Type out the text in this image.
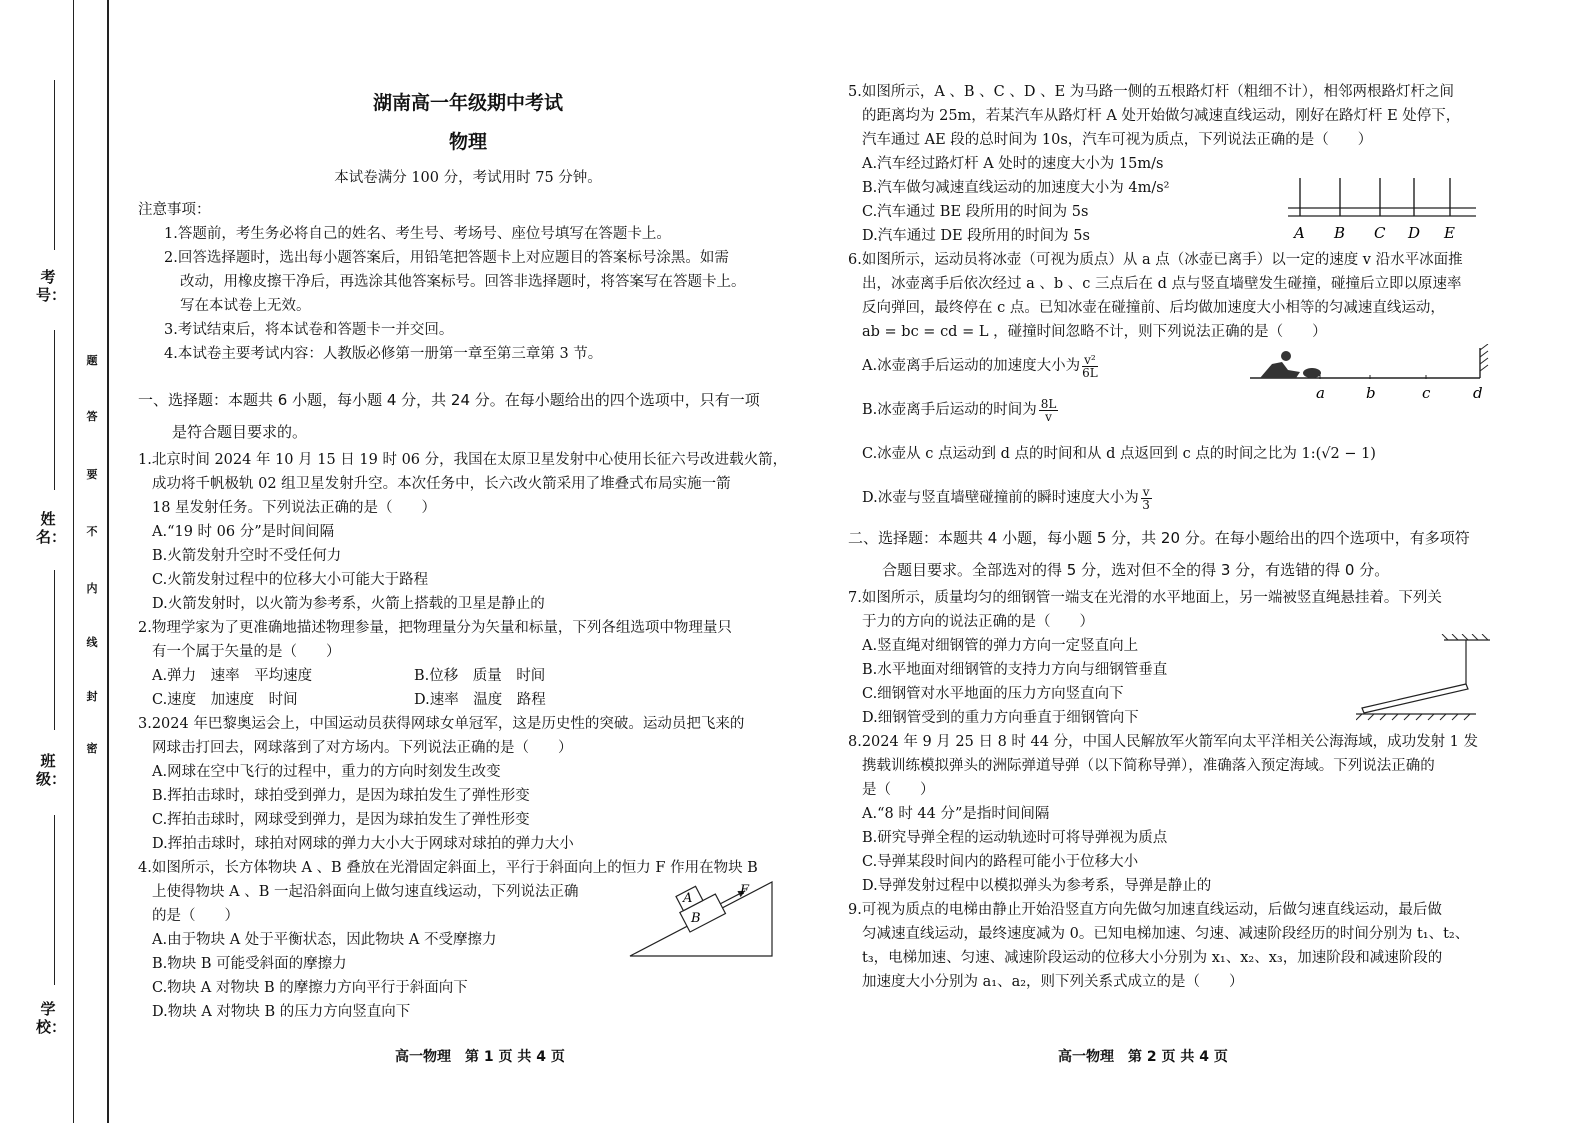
考号：
姓名：
班级：
学校：
密
封
线
内
不
要
答
题
湖南高一年级期中考试
物理
本试卷满分 100 分，考试用时 75 分钟。
注意事项：
1.答题前，考生务必将自己的姓名、考生号、考场号、座位号填写在答题卡上。
2.回答选择题时，选出每小题答案后，用铅笔把答题卡上对应题目的答案标号涂黑。如需
改动，用橡皮擦干净后，再选涂其他答案标号。回答非选择题时，将答案写在答题卡上。
写在本试卷上无效。
3.考试结束后，将本试卷和答题卡一并交回。
4.本试卷主要考试内容：人教版必修第一册第一章至第三章第 3 节。
一、选择题：本题共 6 小题，每小题 4 分，共 24 分。在每小题给出的四个选项中，只有一项
是符合题目要求的。
1.北京时间 2024 年 10 月 15 日 19 时 06 分，我国在太原卫星发射中心使用长征六号改进载火箭，
成功将千帆极轨 02 组卫星发射升空。本次任务中，长六改火箭采用了堆叠式布局实施一箭
18 星发射任务。下列说法正确的是（　　）
A.“19 时 06 分”是时间间隔
B.火箭发射升空时不受任何力
C.火箭发射过程中的位移大小可能大于路程
D.火箭发射时，以火箭为参考系，火箭上搭载的卫星是静止的
2.物理学家为了更准确地描述物理参量，把物理量分为矢量和标量，下列各组选项中物理量只
有一个属于矢量的是（　　）
A.弹力　速率　平均速度	B.位移　质量　时间
C.速度　加速度　时间	D.速率　温度　路程
3.2024 年巴黎奥运会上，中国运动员获得网球女单冠军，这是历史性的突破。运动员把飞来的
网球击打回去，网球落到了对方场内。下列说法正确的是（　　）
A.网球在空中飞行的过程中，重力的方向时刻发生改变
B.挥拍击球时，球拍受到弹力，是因为球拍发生了弹性形变
C.挥拍击球时，网球受到弹力，是因为球拍发生了弹性形变
D.挥拍击球时，球拍对网球的弹力大小大于网球对球拍的弹力大小
4.如图所示，长方体物块 A 、B 叠放在光滑固定斜面上，平行于斜面向上的恒力 F 作用在物块 B
上使得物块 A 、B 一起沿斜面向上做匀速直线运动，下列说法正确
的是（　　）
A.由于物块 A 处于平衡状态，因此物块 A 不受摩擦力
B.物块 B 可能受斜面的摩擦力
C.物块 A 对物块 B 的摩擦力方向平行于斜面向下
D.物块 A 对物块 B 的压力方向竖直向下
A
B
F
高一物理　第 1 页 共 4 页
5.如图所示，A 、B 、C 、D 、E 为马路一侧的五根路灯杆（粗细不计），相邻两根路灯杆之间
的距离均为 25m，若某汽车从路灯杆 A 处开始做匀减速直线运动，刚好在路灯杆 E 处停下，
汽车通过 AE 段的总时间为 10s，汽车可视为质点，下列说法正确的是（　　）
A.汽车经过路灯杆 A 处时的速度大小为 15m/s
B.汽车做匀减速直线运动的加速度大小为 4m/s²
C.汽车通过 BE 段所用的时间为 5s
D.汽车通过 DE 段所用的时间为 5s	A B C D E
6.如图所示，运动员将冰壶（可视为质点）从 a 点（冰壶已离手）以一定的速度 v 沿水平冰面推
出，冰壶离手后依次经过 a 、b 、c 三点后在 d 点与竖直墙壁发生碰撞，碰撞后立即以原速率
反向弹回，最终停在 c 点。已知冰壶在碰撞前、后均做加速度大小相等的匀减速直线运动，
ab = bc = cd = L ，碰撞时间忽略不计，则下列说法正确的是（　　）
A.冰壶离手后运动的加速度大小为 $\frac{\text{v²}}{6L}$
B.冰壶离手后运动的时间为 $\frac{8L}{v}$
C.冰壶从 c 点运动到 d 点的时间和从 d 点返回到 c 点的时间之比为 1:(√2 − 1)
D.冰壶与竖直墙壁碰撞前的瞬时速度大小为 $\frac{v}{3}$
a	b	c	d
二、选择题：本题共 4 小题，每小题 5 分，共 20 分。在每小题给出的四个选项中，有多项符
合题目要求。全部选对的得 5 分，选对但不全的得 3 分，有选错的得 0 分。
7.如图所示，质量均匀的细钢管一端支在光滑的水平地面上，另一端被竖直绳悬挂着。下列关
于力的方向的说法正确的是（　　）
A.竖直绳对细钢管的弹力方向一定竖直向上
B.水平地面对细钢管的支持力方向与细钢管垂直
C.细钢管对水平地面的压力方向竖直向下
D.细钢管受到的重力方向垂直于细钢管向下
8.2024 年 9 月 25 日 8 时 44 分，中国人民解放军火箭军向太平洋相关公海海域，成功发射 1 发
携载训练模拟弹头的洲际弹道导弹（以下简称导弹），准确落入预定海域。下列说法正确的
是（　　）
A.“8 时 44 分”是指时间间隔
B.研究导弹全程的运动轨迹时可将导弹视为质点
C.导弹某段时间内的路程可能小于位移大小
D.导弹发射过程中以模拟弹头为参考系，导弹是静止的
9.可视为质点的电梯由静止开始沿竖直方向先做匀加速直线运动，后做匀速直线运动，最后做
匀减速直线运动，最终速度减为 0。已知电梯加速、匀速、减速阶段经历的时间分别为 t₁、t₂、
t₃，电梯加速、匀速、减速阶段运动的位移大小分别为 x₁、x₂、x₃，加速阶段和减速阶段的
加速度大小分别为 a₁、a₂，则下列关系式成立的是（　　）
高一物理　第 2 页 共 4 页
